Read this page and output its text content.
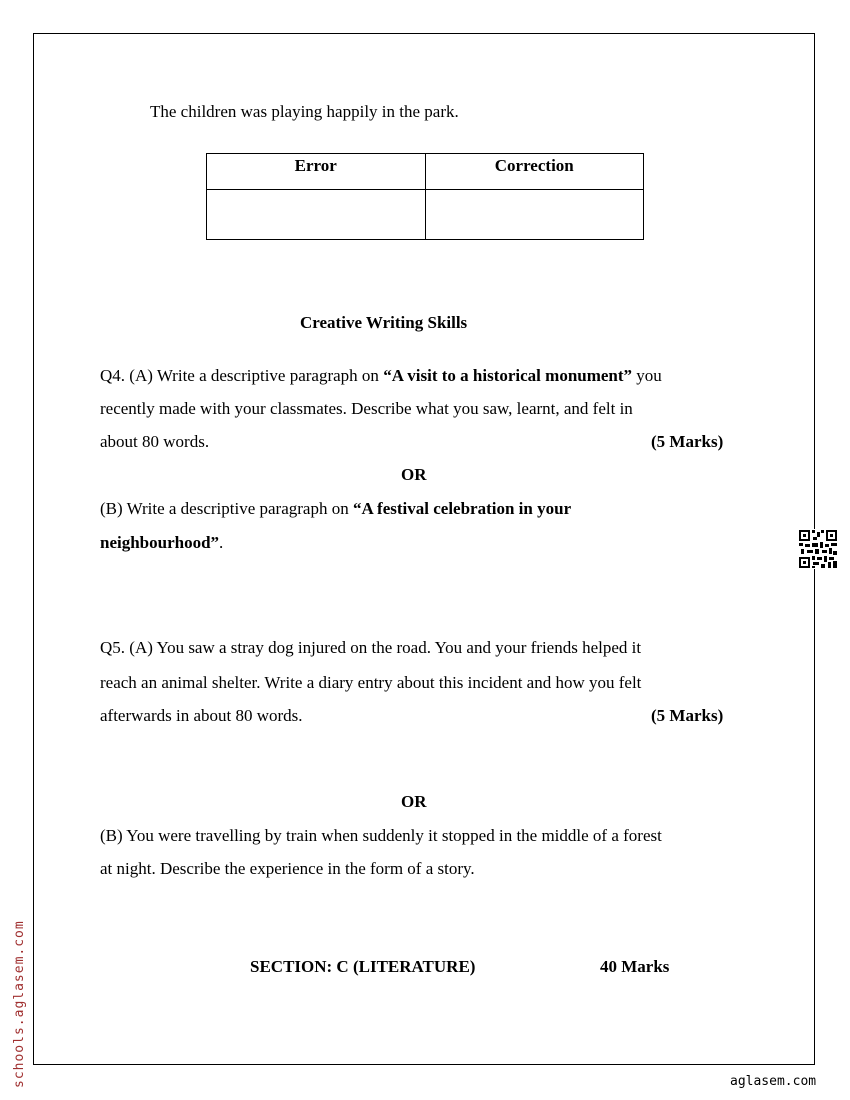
The children was playing happily in the park.
Error	Correction

Creative Writing Skills
Q4. (A) Write a descriptive paragraph on “A visit to a historical monument” you
recently made with your classmates. Describe what you saw, learnt, and felt in
about 80 words.	(5 Marks)
OR
(B) Write a descriptive paragraph on “A festival celebration in your
neighbourhood”.
Q5. (A) You saw a stray dog injured on the road. You and your friends helped it
reach an animal shelter. Write a diary entry about this incident and how you felt
afterwards in about 80 words.	(5 Marks)
OR
(B) You were travelling by train when suddenly it stopped in the middle of a forest
at night. Describe the experience in the form of a story.
SECTION: C (LITERATURE)	40 Marks
schools.aglasem.com	aglasem.com
